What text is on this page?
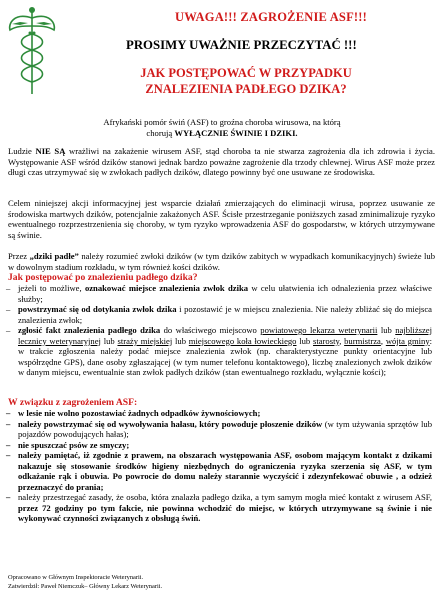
UWAGA!!! ZAGROŻENIE ASF!!!
PROSIMY UWAŻNIE PRZECZYTAĆ !!!
JAK POSTĘPOWAĆ W PRZYPADKU
ZNALEZIENIA PADŁEGO DZIKA?
Afrykański pomór świń (ASF) to groźna choroba wirusowa, na którą chorują WYŁĄCZNIE ŚWINIE I DZIKI.
Ludzie NIE SĄ wrażliwi na zakażenie wirusem ASF, stąd choroba ta nie stwarza zagrożenia dla ich zdrowia i życia. Występowanie ASF wśród dzików stanowi jednak bardzo poważne zagrożenie dla trzody chlewnej. Wirus ASF może przez długi czas utrzymywać się w zwłokach padłych dzików, dlatego powinny być one usuwane ze środowiska.
Celem niniejszej akcji informacyjnej jest wsparcie działań zmierzających do eliminacji wirusa, poprzez usuwanie ze środowiska martwych dzików, potencjalnie zakażonych ASF. Ścisłe przestrzeganie poniższych zasad zminimalizuje ryzyko ewentualnego rozprzestrzenienia się choroby, w tym ryzyko wprowadzenia ASF do gospodarstw, w których utrzymywane są świnie.
Przez „dziki padłe” należy rozumieć zwłoki dzików (w tym dzików zabitych w wypadkach komunikacyjnych) świeże lub w dowolnym stadium rozkładu, w tym również kości dzików.
Jak postępować po znalezieniu padłego dzika?
– jeżeli to możliwe, oznakować miejsce znalezienia zwłok dzika w celu ułatwienia ich odnalezienia przez właściwe służby;
– powstrzymać się od dotykania zwłok dzika i pozostawić je w miejscu znalezienia. Nie należy zbliżać się do miejsca znalezienia zwłok;
– zgłosić fakt znalezienia padłego dzika do właściwego miejscowo powiatowego lekarza weterynarii lub najbliższej lecznicy weterynaryjnej lub straży miejskiej lub miejscowego koła łowieckiego lub starosty, burmistrza, wójta gminy: w trakcie zgłoszenia należy podać miejsce znalezienia zwłok (np. charakterystyczne punkty orientacyjne lub współrzędne GPS), dane osoby zgłaszającej (w tym numer telefonu kontaktowego), liczbę znalezionych zwłok dzików w danym miejscu, ewentualnie stan zwłok padłych dzików (stan ewentualnego rozkładu, wyłącznie kości);
W związku z zagrożeniem ASF:
– w lesie nie wolno pozostawiać żadnych odpadków żywnościowych;
– należy powstrzymać się od wywoływania hałasu, który powoduje płoszenie dzików (w tym używania sprzętów lub pojazdów powodujących hałas);
– nie spuszczać psów ze smyczy;
– należy pamiętać, iż zgodnie z prawem, na obszarach występowania ASF, osobom mającym kontakt z dzikami nakazuje się stosowanie środków higieny niezbędnych do ograniczenia ryzyka szerzenia się ASF, w tym odkażanie rąk i obuwia. Po powrocie do domu należy starannie wyczyścić i zdezynfekować obuwie , a odzież przeznaczyć do prania;
– należy przestrzegać zasady, że osoba, która znalazła padłego dzika, a tym samym mogła mieć kontakt z wirusem ASF, przez 72 godziny po tym fakcie, nie powinna wchodzić do miejsc, w których utrzymywane są świnie i nie wykonywać czynności związanych z obsługą świń.
Opracowano w Głównym Inspektoracie Weterynarii.
Zatwierdził: Paweł Niemczuk– Główny Lekarz Weterynarii.
